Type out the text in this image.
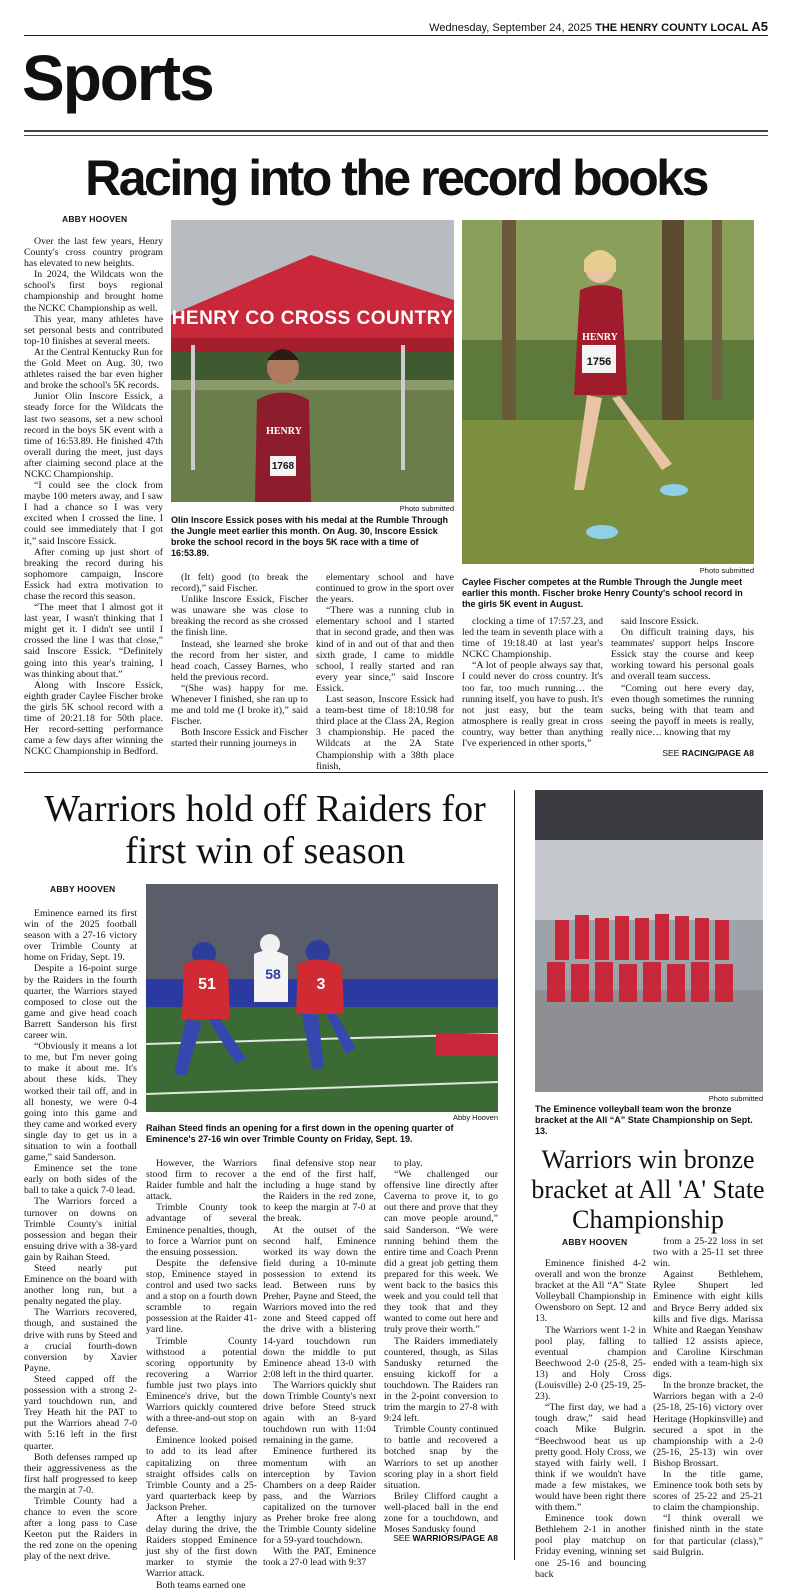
Wednesday, September 24, 2025 THE HENRY COUNTY LOCAL A5
Sports
Racing into the record books
ABBY HOOVEN

Over the last few years, Henry County's cross country program has elevated to new heights.

In 2024, the Wildcats won the school's first boys regional championship and brought home the NCKC Championship as well.

This year, many athletes have set personal bests and contributed top-10 finishes at several meets.

At the Central Kentucky Run for the Gold Meet on Aug. 30, two athletes raised the bar even higher and broke the school's 5K records.

Junior Olin Inscore Essick, a steady force for the Wildcats the last two seasons, set a new school record in the boys 5K event with a time of 16:53.89. He finished 47th overall during the meet, just days after claiming second place at the NCKC Championship.

“I could see the clock from maybe 100 meters away, and I saw I had a chance so I was very excited when I crossed the line. I could see immediately that I got it,” said Inscore Essick.

After coming up just short of breaking the record during his sophomore campaign, Inscore Essick had extra motivation to chase the record this season.

“The meet that I almost got it last year, I wasn't thinking that I might get it. I didn't see until I crossed the line I was that close,” said Inscore Essick. “Definitely going into this year's training, I was thinking about that.”

Along with Inscore Essick, eighth grader Caylee Fischer broke the girls 5K school record with a time of 20:21.18 for 50th place. Her record-setting performance came a few days after winning the NCKC Championship in Bedford.

HENRY CO CROSS COUNTRY
HENRY
1768
Photo submitted
Olin Inscore Essick poses with his medal at the Rumble Through the Jungle meet earlier this month. On Aug. 30, Inscore Essick broke the school record in the boys 5K race with a time of 16:53.89.
HENRY
1756
Photo submitted
Caylee Fischer competes at the Rumble Through the Jungle meet earlier this month. Fischer broke Henry County's school record in the girls 5K event in August.

(It felt) good (to break the record),” said Fischer.

Unlike Inscore Essick, Fischer was unaware she was close to breaking the record as she crossed the finish line.

Instead, she learned she broke the record from her sister, and head coach, Cassey Barnes, who held the previous record.

“(She was) happy for me. Whenever I finished, she ran up to me and told me (I broke it),” said Fischer.

Both Inscore Essick and Fischer started their running journeys in

elementary school and have continued to grow in the sport over the years.

“There was a running club in elementary school and I started that in second grade, and then was kind of in and out of that and then sixth grade, I came to middle school, I really started and ran every year since,” said Inscore Essick.

Last season, Inscore Essick had a team-best time of 18:10.98 for third place at the Class 2A, Region 3 championship. He paced the Wildcats at the 2A State Championship with a 38th place finish,

clocking a time of 17:57.23, and led the team in seventh place with a time of 19:18.40 at last year's NCKC Championship.

“A lot of people always say that, I could never do cross country. It's too far, too much running… the running itself, you have to push. It's not just easy, but the team atmosphere is really great in cross country, way better than anything I've experienced in other sports,”

said Inscore Essick.

On difficult training days, his teammates' support helps Inscore Essick stay the course and keep working toward his personal goals and overall team success.

“Coming out here every day, even though sometimes the running sucks, being with that team and seeing the payoff in meets is really, really nice… knowing that my

SEE RACING/PAGE A8
Warriors hold off Raiders for first win of season
ABBY HOOVEN
51	3
58
Abby Hooven
Raihan Steed finds an opening for a first down in the opening quarter of Eminence's 27-16 win over Trimble County on Friday, Sept. 19.

Eminence earned its first win of the 2025 football season with a 27-16 victory over Trimble County at home on Friday, Sept. 19.

Despite a 16-point surge by the Raiders in the fourth quarter, the Warriors stayed composed to close out the game and give head coach Barrett Sanderson his first career win.

“Obviously it means a lot to me, but I'm never going to make it about me. It's about these kids. They worked their tail off, and in all honesty, we were 0-4 going into this game and they came and worked every single day to get us in a situation to win a football game,” said Sanderson.

Eminence set the tone early on both sides of the ball to take a quick 7-0 lead.

The Warriors forced a turnover on downs on Trimble County's initial possession and began their ensuing drive with a 38-yard gain by Raihan Steed.

Steed nearly put Eminence on the board with another long run, but a penalty negated the play.

The Warriors recovered, though, and sustained the drive with runs by Steed and a crucial fourth-down conversion by Xavier Payne.

Steed capped off the possession with a strong 2-yard touchdown run, and Trey Heath hit the PAT to put the Warriors ahead 7-0 with 5:16 left in the first quarter.

Both defenses ramped up their aggressiveness as the first half progressed to keep the margin at 7-0.

Trimble County had a chance to even the score after a long pass to Case Keeton put the Raiders in the red zone on the opening play of the next drive.

However, the Warriors stood firm to recover a Raider fumble and halt the attack.

Trimble County took advantage of several Eminence penalties, though, to force a Warrior punt on the ensuing possession.

Despite the defensive stop, Eminence stayed in control and used two sacks and a stop on a fourth down scramble to regain possession at the Raider 41-yard line.

Trimble County withstood a potential scoring opportunity by recovering a Warrior fumble just two plays into Eminence's drive, but the Warriors quickly countered with a three-and-out stop on defense.

Eminence looked poised to add to its lead after capitalizing on three straight offsides calls on Trimble County and a 25-yard quarterback keep by Jackson Preher.

After a lengthy injury delay during the drive, the Raiders stopped Eminence just shy of the first down marker to stymie the Warrior attack.

Both teams earned one

final defensive stop near the end of the first half, including a huge stand by the Raiders in the red zone, to keep the margin at 7-0 at the break.

At the outset of the second half, Eminence worked its way down the field during a 10-minute possession to extend its lead. Between runs by Preher, Payne and Steed, the Warriors moved into the red zone and Steed capped off the drive with a blistering 14-yard touchdown run down the middle to put Eminence ahead 13-0 with 2:08 left in the third quarter.

The Warriors quickly shut down Trimble County's next drive before Steed struck again with an 8-yard touchdown run with 11:04 remaining in the game.

Eminence furthered its momentum with an interception by Tavion Chambers on a deep Raider pass, and the Warriors capitalized on the turnover as Preher broke free along the Trimble County sideline for a 59-yard touchdown.

With the PAT, Eminence took a 27-0 lead with 9:37

to play.

“We challenged our offensive line directly after Caverna to prove it, to go out there and prove that they can move people around,” said Sanderson. “We were running behind them the entire time and Coach Prenn did a great job getting them prepared for this week. We went back to the basics this week and you could tell that they took that and they wanted to come out here and truly prove their worth.”

The Raiders immediately countered, though, as Silas Sandusky returned the ensuing kickoff for a touchdown. The Raiders ran in the 2-point conversion to trim the margin to 27-8 with 9:24 left.

Trimble County continued to battle and recovered a botched snap by the Warriors to set up another scoring play in a short field situation.

Briley Clifford caught a well-placed ball in the end zone for a touchdown, and Moses Sandusky found

SEE WARRIORS/PAGE A8
Photo submitted
The Eminence volleyball team won the bronze bracket at the All “A” State Championship on Sept. 13.
Warriors win bronze bracket at All 'A' State Championship
ABBY HOOVEN

Eminence finished 4-2 overall and won the bronze bracket at the All “A” State Volleyball Championship in Owensboro on Sept. 12 and 13.

The Warriors went 1-2 in pool play, falling to eventual champion Beechwood 2-0 (25-8, 25-13) and Holy Cross (Louisville) 2-0 (25-19, 25-23).

“The first day, we had a tough draw,” said head coach Mike Bulgrin. “Beechwood beat us up pretty good. Holy Cross, we stayed with fairly well. I think if we wouldn't have made a few mistakes, we would have been right there with them.”

Eminence took down Bethlehem 2-1 in another pool play matchup on Friday evening, winning set one 25-16 and bouncing back

from a 25-22 loss in set two with a 25-11 set three win.

Against Bethlehem, Rylee Shupert led Eminence with eight kills and Bryce Berry added six kills and five digs. Marissa White and Raegan Yenshaw tallied 12 assists apiece, and Caroline Kirschman ended with a team-high six digs.

In the bronze bracket, the Warriors began with a 2-0 (25-18, 25-16) victory over Heritage (Hopkinsville) and secured a spot in the championship with a 2-0 (25-16, 25-13) win over Bishop Brossart.

In the title game, Eminence took both sets by scores of 25-22 and 25-21 to claim the championship.

“I think overall we finished ninth in the state for that particular (class),” said Bulgrin.
